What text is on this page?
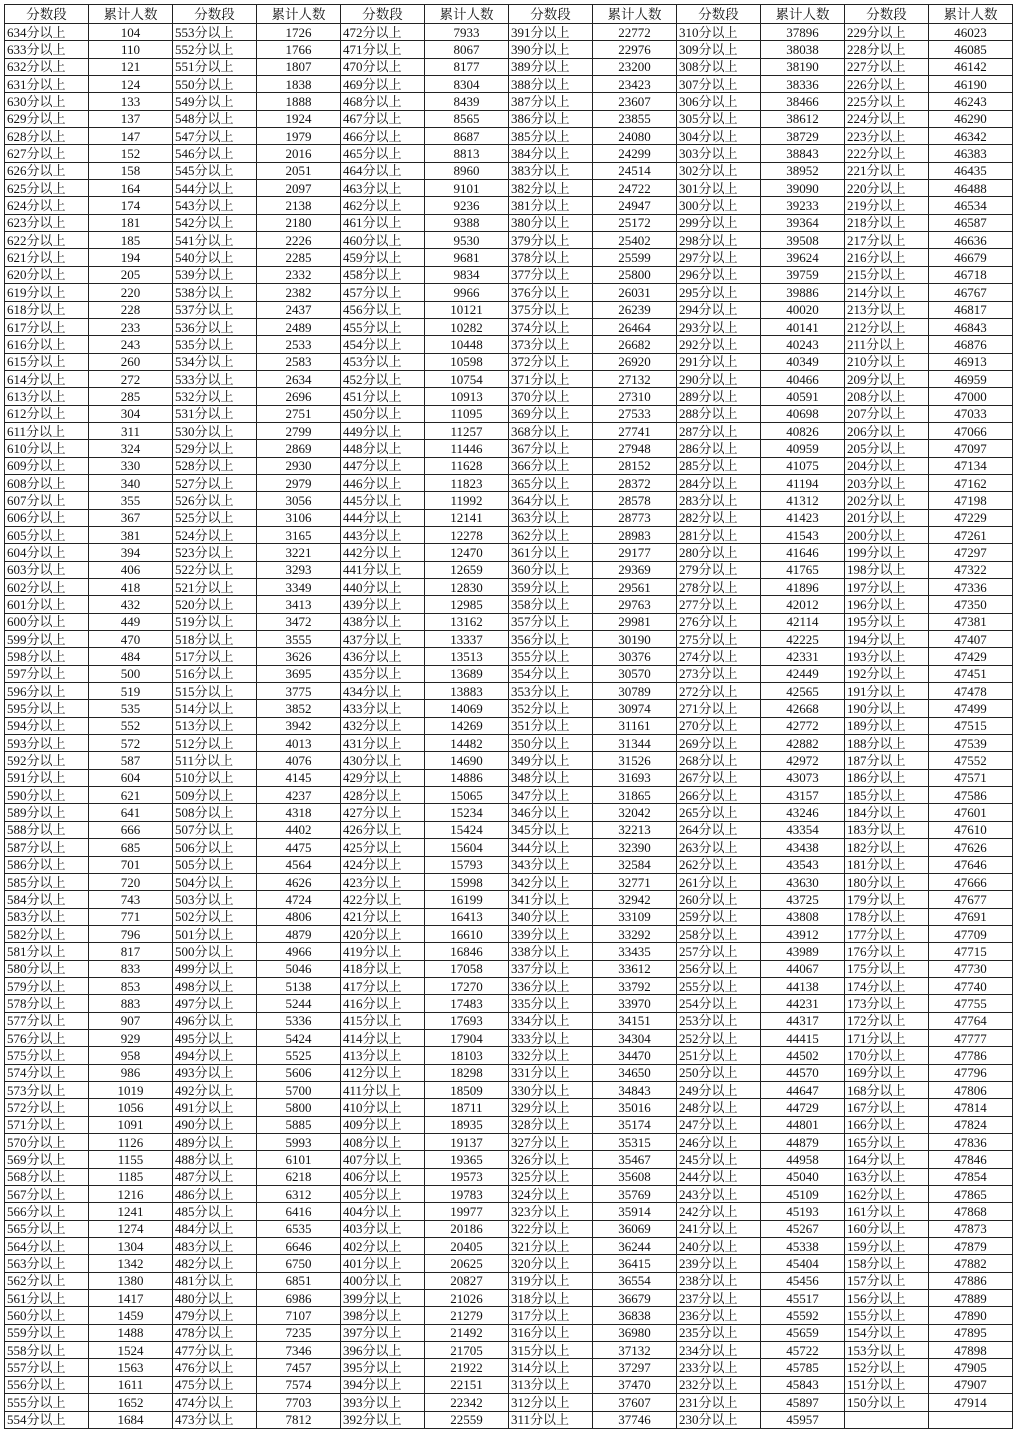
分数段	累计人数	分数段	累计人数	分数段	累计人数	分数段	累计人数	分数段	累计人数	分数段	累计人数
634分以上	104	553分以上	1726	472分以上	7933	391分以上	22772	310分以上	37896	229分以上	46023
633分以上	110	552分以上	1766	471分以上	8067	390分以上	22976	309分以上	38038	228分以上	46085
632分以上	121	551分以上	1807	470分以上	8177	389分以上	23200	308分以上	38190	227分以上	46142
631分以上	124	550分以上	1838	469分以上	8304	388分以上	23423	307分以上	38336	226分以上	46190
630分以上	133	549分以上	1888	468分以上	8439	387分以上	23607	306分以上	38466	225分以上	46243
629分以上	137	548分以上	1924	467分以上	8565	386分以上	23855	305分以上	38612	224分以上	46290
628分以上	147	547分以上	1979	466分以上	8687	385分以上	24080	304分以上	38729	223分以上	46342
627分以上	152	546分以上	2016	465分以上	8813	384分以上	24299	303分以上	38843	222分以上	46383
626分以上	158	545分以上	2051	464分以上	8960	383分以上	24514	302分以上	38952	221分以上	46435
625分以上	164	544分以上	2097	463分以上	9101	382分以上	24722	301分以上	39090	220分以上	46488
624分以上	174	543分以上	2138	462分以上	9236	381分以上	24947	300分以上	39233	219分以上	46534
623分以上	181	542分以上	2180	461分以上	9388	380分以上	25172	299分以上	39364	218分以上	46587
622分以上	185	541分以上	2226	460分以上	9530	379分以上	25402	298分以上	39508	217分以上	46636
621分以上	194	540分以上	2285	459分以上	9681	378分以上	25599	297分以上	39624	216分以上	46679
620分以上	205	539分以上	2332	458分以上	9834	377分以上	25800	296分以上	39759	215分以上	46718
619分以上	220	538分以上	2382	457分以上	9966	376分以上	26031	295分以上	39886	214分以上	46767
618分以上	228	537分以上	2437	456分以上	10121	375分以上	26239	294分以上	40020	213分以上	46817
617分以上	233	536分以上	2489	455分以上	10282	374分以上	26464	293分以上	40141	212分以上	46843
616分以上	243	535分以上	2533	454分以上	10448	373分以上	26682	292分以上	40243	211分以上	46876
615分以上	260	534分以上	2583	453分以上	10598	372分以上	26920	291分以上	40349	210分以上	46913
614分以上	272	533分以上	2634	452分以上	10754	371分以上	27132	290分以上	40466	209分以上	46959
613分以上	285	532分以上	2696	451分以上	10913	370分以上	27310	289分以上	40591	208分以上	47000
612分以上	304	531分以上	2751	450分以上	11095	369分以上	27533	288分以上	40698	207分以上	47033
611分以上	311	530分以上	2799	449分以上	11257	368分以上	27741	287分以上	40826	206分以上	47066
610分以上	324	529分以上	2869	448分以上	11446	367分以上	27948	286分以上	40959	205分以上	47097
609分以上	330	528分以上	2930	447分以上	11628	366分以上	28152	285分以上	41075	204分以上	47134
608分以上	340	527分以上	2979	446分以上	11823	365分以上	28372	284分以上	41194	203分以上	47162
607分以上	355	526分以上	3056	445分以上	11992	364分以上	28578	283分以上	41312	202分以上	47198
606分以上	367	525分以上	3106	444分以上	12141	363分以上	28773	282分以上	41423	201分以上	47229
605分以上	381	524分以上	3165	443分以上	12278	362分以上	28983	281分以上	41543	200分以上	47261
604分以上	394	523分以上	3221	442分以上	12470	361分以上	29177	280分以上	41646	199分以上	47297
603分以上	406	522分以上	3293	441分以上	12659	360分以上	29369	279分以上	41765	198分以上	47322
602分以上	418	521分以上	3349	440分以上	12830	359分以上	29561	278分以上	41896	197分以上	47336
601分以上	432	520分以上	3413	439分以上	12985	358分以上	29763	277分以上	42012	196分以上	47350
600分以上	449	519分以上	3472	438分以上	13162	357分以上	29981	276分以上	42114	195分以上	47381
599分以上	470	518分以上	3555	437分以上	13337	356分以上	30190	275分以上	42225	194分以上	47407
598分以上	484	517分以上	3626	436分以上	13513	355分以上	30376	274分以上	42331	193分以上	47429
597分以上	500	516分以上	3695	435分以上	13689	354分以上	30570	273分以上	42449	192分以上	47451
596分以上	519	515分以上	3775	434分以上	13883	353分以上	30789	272分以上	42565	191分以上	47478
595分以上	535	514分以上	3852	433分以上	14069	352分以上	30974	271分以上	42668	190分以上	47499
594分以上	552	513分以上	3942	432分以上	14269	351分以上	31161	270分以上	42772	189分以上	47515
593分以上	572	512分以上	4013	431分以上	14482	350分以上	31344	269分以上	42882	188分以上	47539
592分以上	587	511分以上	4076	430分以上	14690	349分以上	31526	268分以上	42972	187分以上	47552
591分以上	604	510分以上	4145	429分以上	14886	348分以上	31693	267分以上	43073	186分以上	47571
590分以上	621	509分以上	4237	428分以上	15065	347分以上	31865	266分以上	43157	185分以上	47586
589分以上	641	508分以上	4318	427分以上	15234	346分以上	32042	265分以上	43246	184分以上	47601
588分以上	666	507分以上	4402	426分以上	15424	345分以上	32213	264分以上	43354	183分以上	47610
587分以上	685	506分以上	4475	425分以上	15604	344分以上	32390	263分以上	43438	182分以上	47626
586分以上	701	505分以上	4564	424分以上	15793	343分以上	32584	262分以上	43543	181分以上	47646
585分以上	720	504分以上	4626	423分以上	15998	342分以上	32771	261分以上	43630	180分以上	47666
584分以上	743	503分以上	4724	422分以上	16199	341分以上	32942	260分以上	43725	179分以上	47677
583分以上	771	502分以上	4806	421分以上	16413	340分以上	33109	259分以上	43808	178分以上	47691
582分以上	796	501分以上	4879	420分以上	16610	339分以上	33292	258分以上	43912	177分以上	47709
581分以上	817	500分以上	4966	419分以上	16846	338分以上	33435	257分以上	43989	176分以上	47715
580分以上	833	499分以上	5046	418分以上	17058	337分以上	33612	256分以上	44067	175分以上	47730
579分以上	853	498分以上	5138	417分以上	17270	336分以上	33792	255分以上	44138	174分以上	47740
578分以上	883	497分以上	5244	416分以上	17483	335分以上	33970	254分以上	44231	173分以上	47755
577分以上	907	496分以上	5336	415分以上	17693	334分以上	34151	253分以上	44317	172分以上	47764
576分以上	929	495分以上	5424	414分以上	17904	333分以上	34304	252分以上	44415	171分以上	47777
575分以上	958	494分以上	5525	413分以上	18103	332分以上	34470	251分以上	44502	170分以上	47786
574分以上	986	493分以上	5606	412分以上	18298	331分以上	34650	250分以上	44570	169分以上	47796
573分以上	1019	492分以上	5700	411分以上	18509	330分以上	34843	249分以上	44647	168分以上	47806
572分以上	1056	491分以上	5800	410分以上	18711	329分以上	35016	248分以上	44729	167分以上	47814
571分以上	1091	490分以上	5885	409分以上	18935	328分以上	35174	247分以上	44801	166分以上	47824
570分以上	1126	489分以上	5993	408分以上	19137	327分以上	35315	246分以上	44879	165分以上	47836
569分以上	1155	488分以上	6101	407分以上	19365	326分以上	35467	245分以上	44958	164分以上	47846
568分以上	1185	487分以上	6218	406分以上	19573	325分以上	35608	244分以上	45040	163分以上	47854
567分以上	1216	486分以上	6312	405分以上	19783	324分以上	35769	243分以上	45109	162分以上	47865
566分以上	1241	485分以上	6416	404分以上	19977	323分以上	35914	242分以上	45193	161分以上	47868
565分以上	1274	484分以上	6535	403分以上	20186	322分以上	36069	241分以上	45267	160分以上	47873
564分以上	1304	483分以上	6646	402分以上	20405	321分以上	36244	240分以上	45338	159分以上	47879
563分以上	1342	482分以上	6750	401分以上	20625	320分以上	36415	239分以上	45404	158分以上	47882
562分以上	1380	481分以上	6851	400分以上	20827	319分以上	36554	238分以上	45456	157分以上	47886
561分以上	1417	480分以上	6986	399分以上	21026	318分以上	36679	237分以上	45517	156分以上	47889
560分以上	1459	479分以上	7107	398分以上	21279	317分以上	36838	236分以上	45592	155分以上	47890
559分以上	1488	478分以上	7235	397分以上	21492	316分以上	36980	235分以上	45659	154分以上	47895
558分以上	1524	477分以上	7346	396分以上	21705	315分以上	37132	234分以上	45722	153分以上	47898
557分以上	1563	476分以上	7457	395分以上	21922	314分以上	37297	233分以上	45785	152分以上	47905
556分以上	1611	475分以上	7574	394分以上	22151	313分以上	37470	232分以上	45843	151分以上	47907
555分以上	1652	474分以上	7703	393分以上	22342	312分以上	37607	231分以上	45897	150分以上	47914
554分以上	1684	473分以上	7812	392分以上	22559	311分以上	37746	230分以上	45957		
